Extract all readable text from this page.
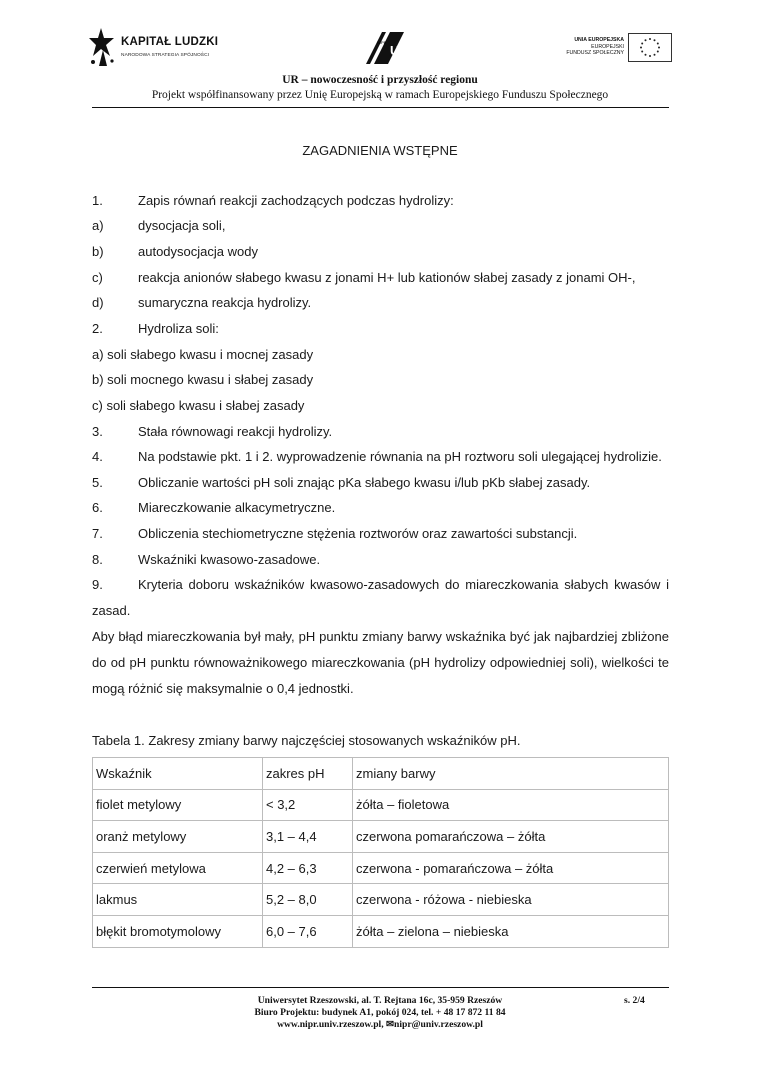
KAPITAŁ LUDZKI
NARODOWA STRATEGIA SPÓJNOŚCI	UR
NIPR	UNIA EUROPEJSKA
EUROPEJSKI
FUNDUSZ SPOŁECZNY
UR – nowoczesność i przyszłość regionu
Projekt współfinansowany przez Unię Europejską w ramach Europejskiego Funduszu Społecznego
ZAGADNIENIA WSTĘPNE
1.	Zapis równań reakcji zachodzących podczas hydrolizy:
a)	dysocjacja soli,
b)	autodysocjacja wody
c)	reakcja anionów słabego kwasu z jonami H+ lub kationów słabej zasady z jonami OH-,
d)	sumaryczna reakcja hydrolizy.
2.	Hydroliza soli:
a) soli słabego kwasu i mocnej zasady
b) soli mocnego kwasu i słabej zasady
c) soli słabego kwasu i słabej zasady
3.	Stała równowagi reakcji hydrolizy.
4.	Na podstawie pkt. 1 i 2. wyprowadzenie równania na pH roztworu soli ulegającej hydrolizie.
5.	Obliczanie wartości pH soli znając pKa słabego kwasu i/lub pKb słabej zasady.
6.	Miareczkowanie alkacymetryczne.
7.	Obliczenia stechiometryczne stężenia roztworów oraz zawartości substancji.
8.	Wskaźniki kwasowo-zasadowe.
9.	Kryteria doboru wskaźników kwasowo-zasadowych do miareczkowania słabych kwasów i
zasad.
Aby błąd miareczkowania był mały, pH punktu zmiany barwy wskaźnika być jak najbardziej zbliżone
do od pH punktu równoważnikowego miareczkowania (pH hydrolizy odpowiedniej soli), wielkości te
mogą różnić się maksymalnie o 0,4 jednostki.
Tabela 1. Zakresy zmiany barwy najczęściej stosowanych wskaźników pH.
Wskaźnik	zakres pH	zmiany barwy
fiolet metylowy	< 3,2	żółta – fioletowa
oranż metylowy	3,1 – 4,4	czerwona pomarańczowa – żółta
czerwień metylowa	4,2 – 6,3	czerwona - pomarańczowa – żółta
lakmus	5,2 – 8,0	czerwona - różowa - niebieska
błękit bromotymolowy	6,0 – 7,6	żółta – zielona – niebieska
Uniwersytet Rzeszowski, al. T. Rejtana 16c, 35-959 Rzeszów
Biuro Projektu: budynek A1, pokój 024, tel. + 48 17 872 11 84
www.nipr.univ.rzeszow.pl, ✉nipr@univ.rzeszow.pl
s. 2/4
